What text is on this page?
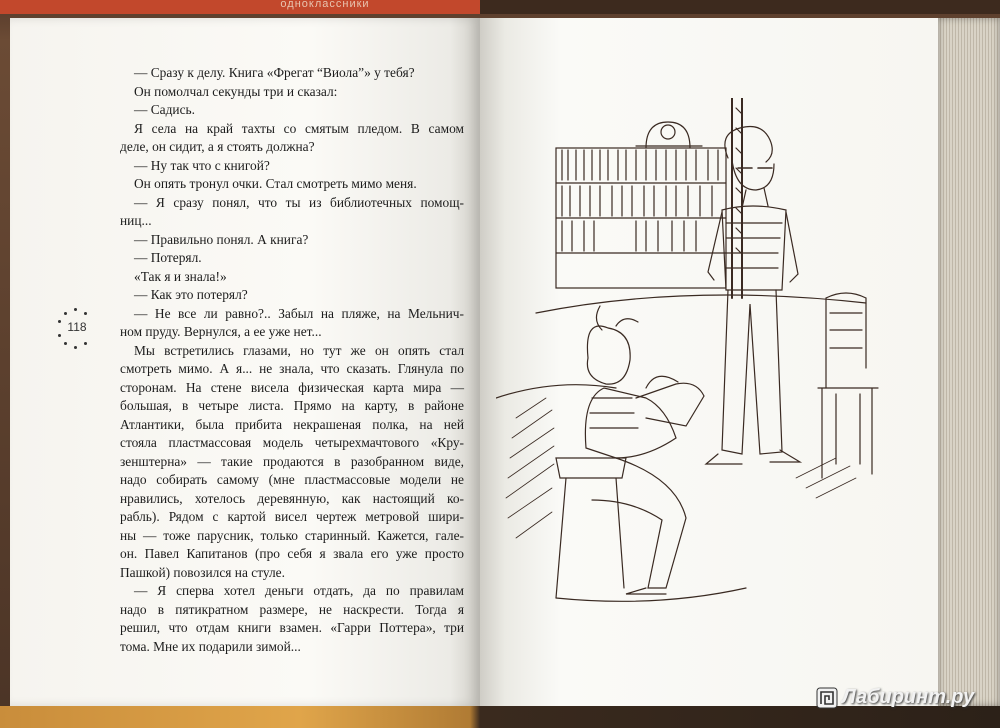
одноклассники
— Сразу к делу. Книга «Фрегат “Виола”» у тебя?
Он помолчал секунды три и сказал:
— Садись.
Я села на край тахты со смятым пледом. В самом
деле, он сидит, а я стоять должна?
— Ну так что с книгой?
Он опять тронул очки. Стал смотреть мимо меня.
— Я сразу понял, что ты из библиотечных помощ-
ниц...
— Правильно понял. А книга?
— Потерял.
«Так я и знала!»
— Как это потерял?
— Не все ли равно?.. Забыл на пляже, на Мельнич-
ном пруду. Вернулся, а ее уже нет...
Мы встретились глазами, но тут же он опять стал
смотреть мимо. А я... не знала, что сказать. Глянула по
сторонам. На стене висела физическая карта мира —
большая, в четыре листа. Прямо на карту, в районе
Атлантики, была прибита некрашеная полка, на ней
стояла пластмассовая модель четырехмачтового «Кру-
зенштерна» — такие продаются в разобранном виде,
надо собирать самому (мне пластмассовые модели не
нравились, хотелось деревянную, как настоящий ко-
рабль). Рядом с картой висел чертеж метровой шири-
ны — тоже парусник, только старинный. Кажется, гале-
он. Павел Капитанов (про себя я звала его уже просто
Пашкой) повозился на стуле.
— Я сперва хотел деньги отдать, да по правилам
надо в пятикратном размере, не наскрести. Тогда я
решил, что отдам книги взамен. «Гарри Поттера», три
тома. Мне их подарили зимой...
118
Лабиринт.ру
